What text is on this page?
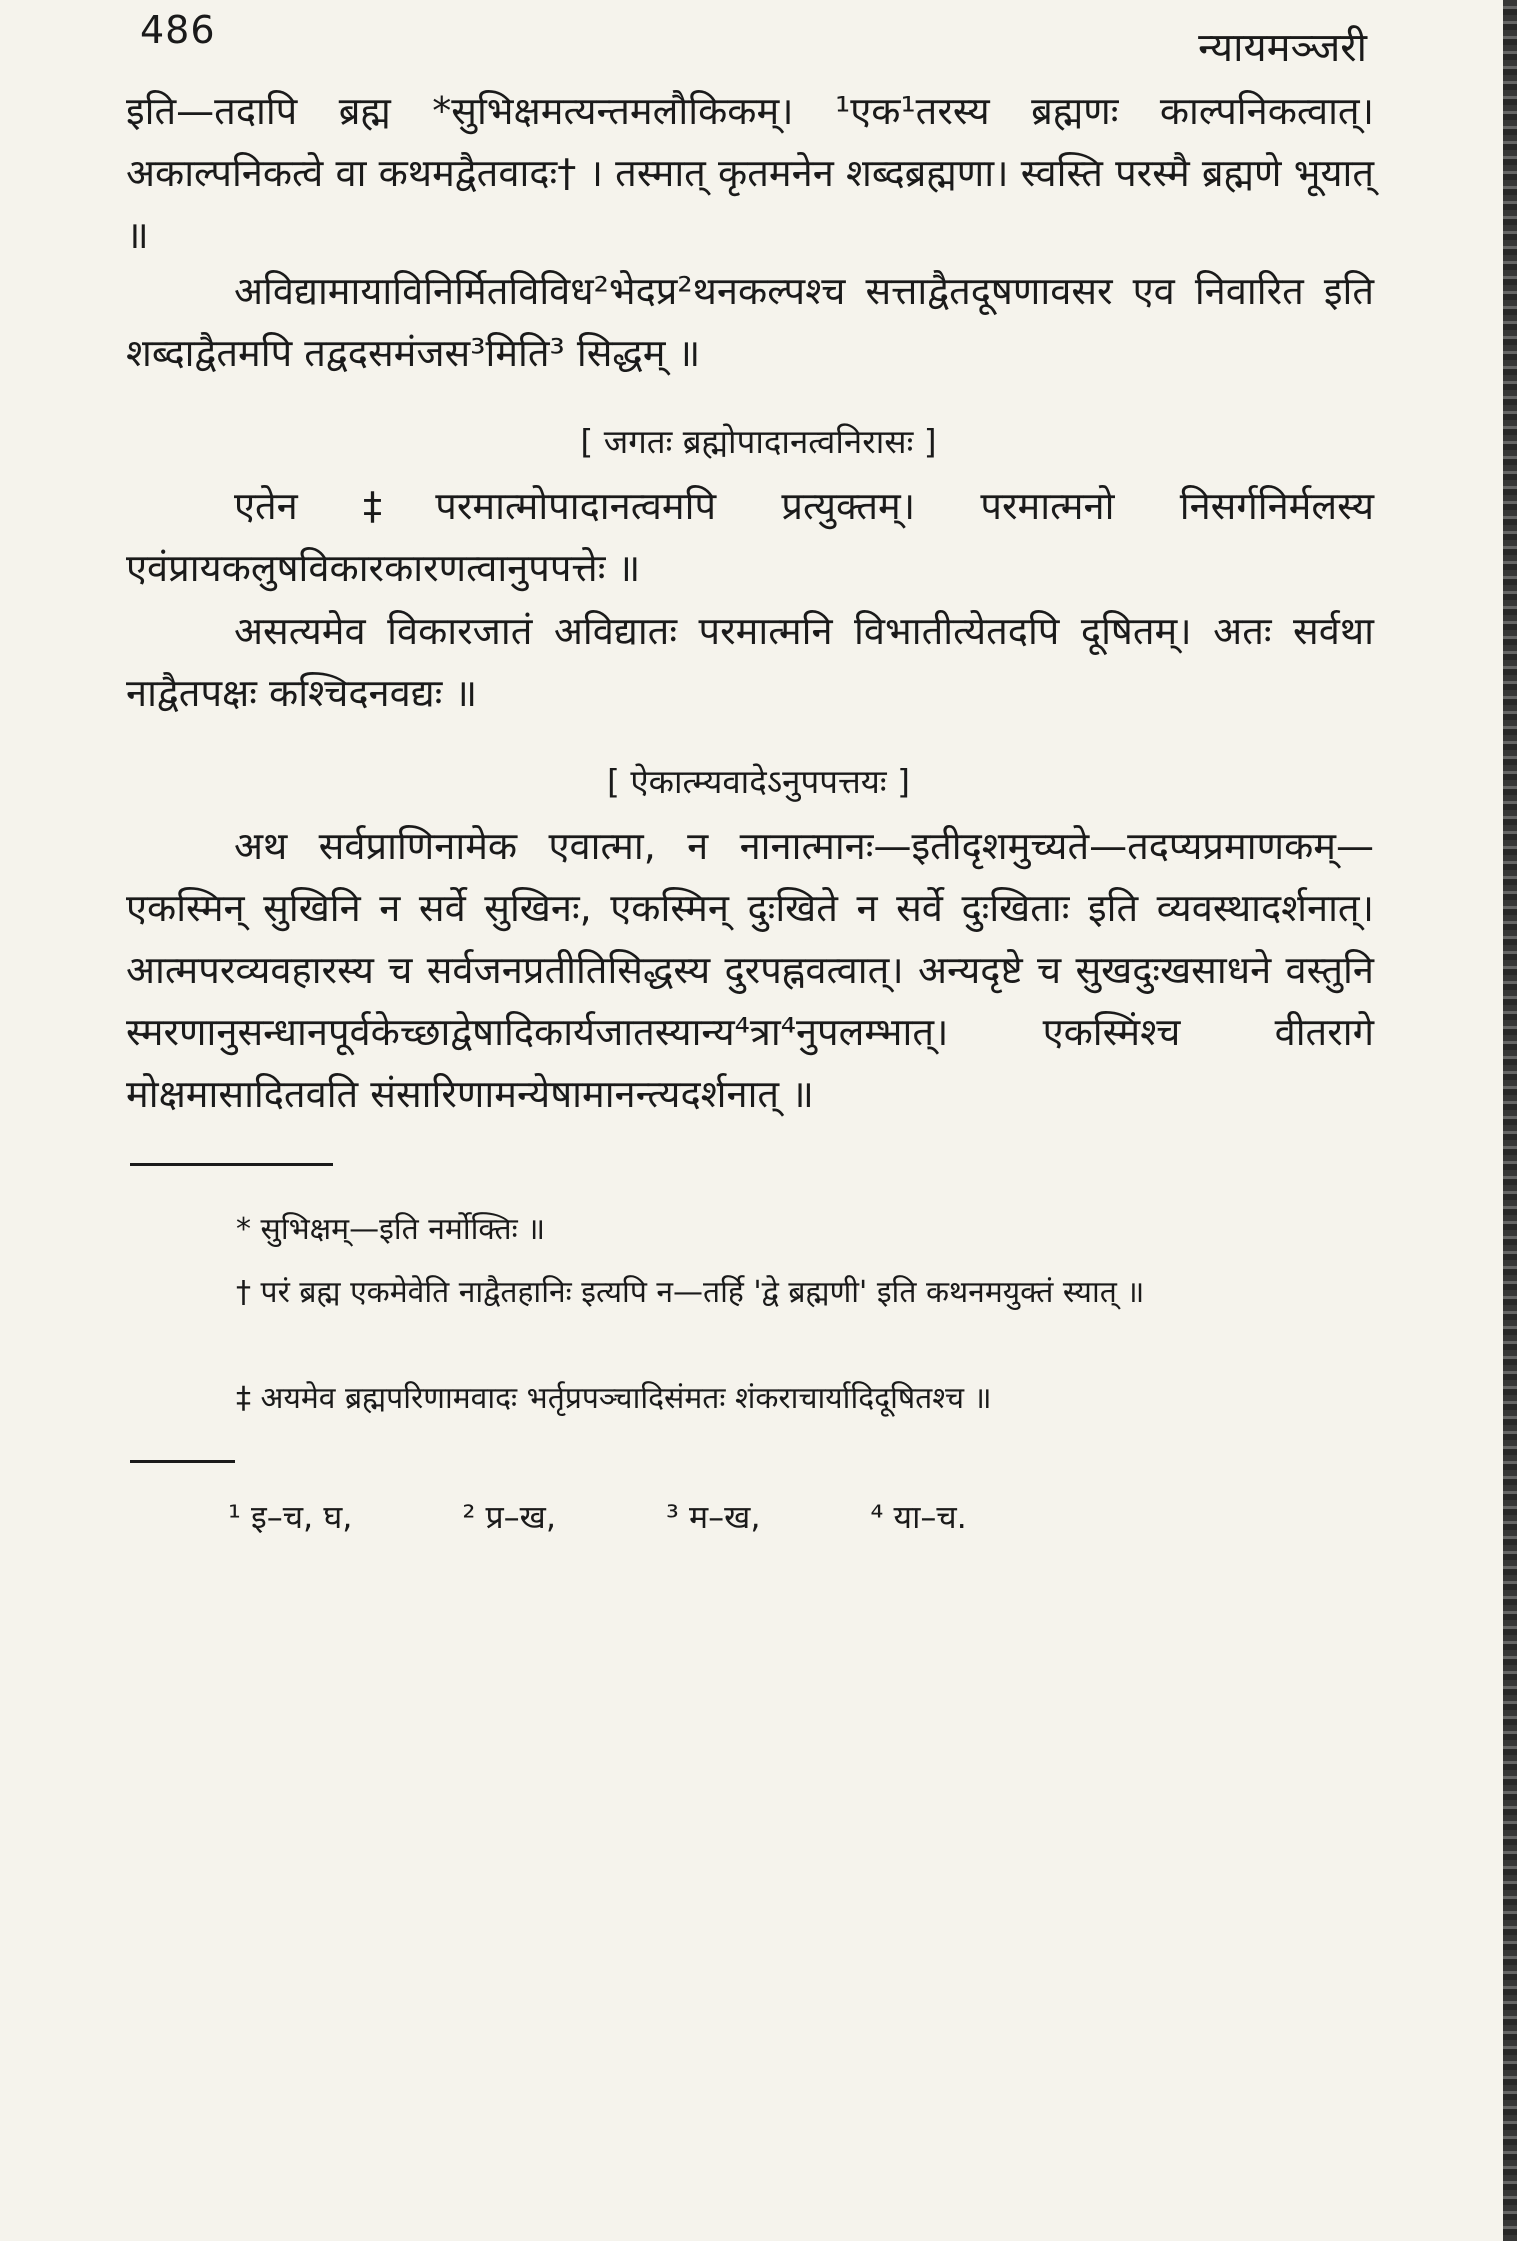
486	न्यायमञ्जरी

इति—तदापि ब्रह्म *सुभिक्षमत्यन्तमलौकिकम्। ¹एक¹तरस्य ब्रह्मणः काल्पनिकत्वात्। अकाल्पनिकत्वे वा कथमद्वैतवादः† । तस्मात् कृतमनेन शब्दब्रह्मणा। स्वस्ति परस्मै ब्रह्मणे भूयात् ॥

अविद्यामायाविनिर्मितविविध²भेदप्र²थनकल्पश्च सत्ताद्वैतदूषणावसर एव निवारित इति शब्दाद्वैतमपि तद्वदसमंजस³मिति³ सिद्धम् ॥

[ जगतः ब्रह्मोपादानत्वनिरासः ]

एतेन ‡परमात्मोपादानत्वमपि प्रत्युक्तम्। परमात्मनो निसर्गनिर्मलस्य एवंप्रायकलुषविकारकारणत्वानुपपत्तेः ॥

असत्यमेव विकारजातं अविद्यातः परमात्मनि विभातीत्येतदपि दूषितम्। अतः सर्वथा नाद्वैतपक्षः कश्चिदनवद्यः ॥

[ ऐकात्म्यवादेऽनुपपत्तयः ]

अथ सर्वप्राणिनामेक एवात्मा, न नानात्मानः—इतीदृशमुच्यते—तदप्यप्रमाणकम्—एकस्मिन् सुखिनि न सर्वे सुखिनः, एकस्मिन् दुःखिते न सर्वे दुःखिताः इति व्यवस्थादर्शनात्। आत्मपरव्यवहारस्य च सर्वजनप्रतीतिसिद्धस्य दुरपह्नवत्वात्। अन्यदृष्टे च सुखदुःखसाधने वस्तुनि स्मरणानुसन्धानपूर्वकेच्छाद्वेषादिकार्यजातस्यान्य⁴त्रा⁴नुपलम्भात्। एकस्मिंश्च वीतरागे मोक्षमासादितवति संसारिणामन्येषामानन्त्यदर्शनात् ॥

* सुभिक्षम्—इति नर्मोक्तिः ॥

† परं ब्रह्म एकमेवेति नाद्वैतहानिः इत्यपि न—तर्हि 'द्वे ब्रह्मणी' इति कथनमयुक्तं स्यात् ॥

‡ अयमेव ब्रह्मपरिणामवादः भर्तृप्रपञ्चादिसंमतः शंकराचार्यादिदूषितश्च ॥

¹ इ–च, घ,	² प्र–ख,	³ म–ख,	⁴ या–च.
